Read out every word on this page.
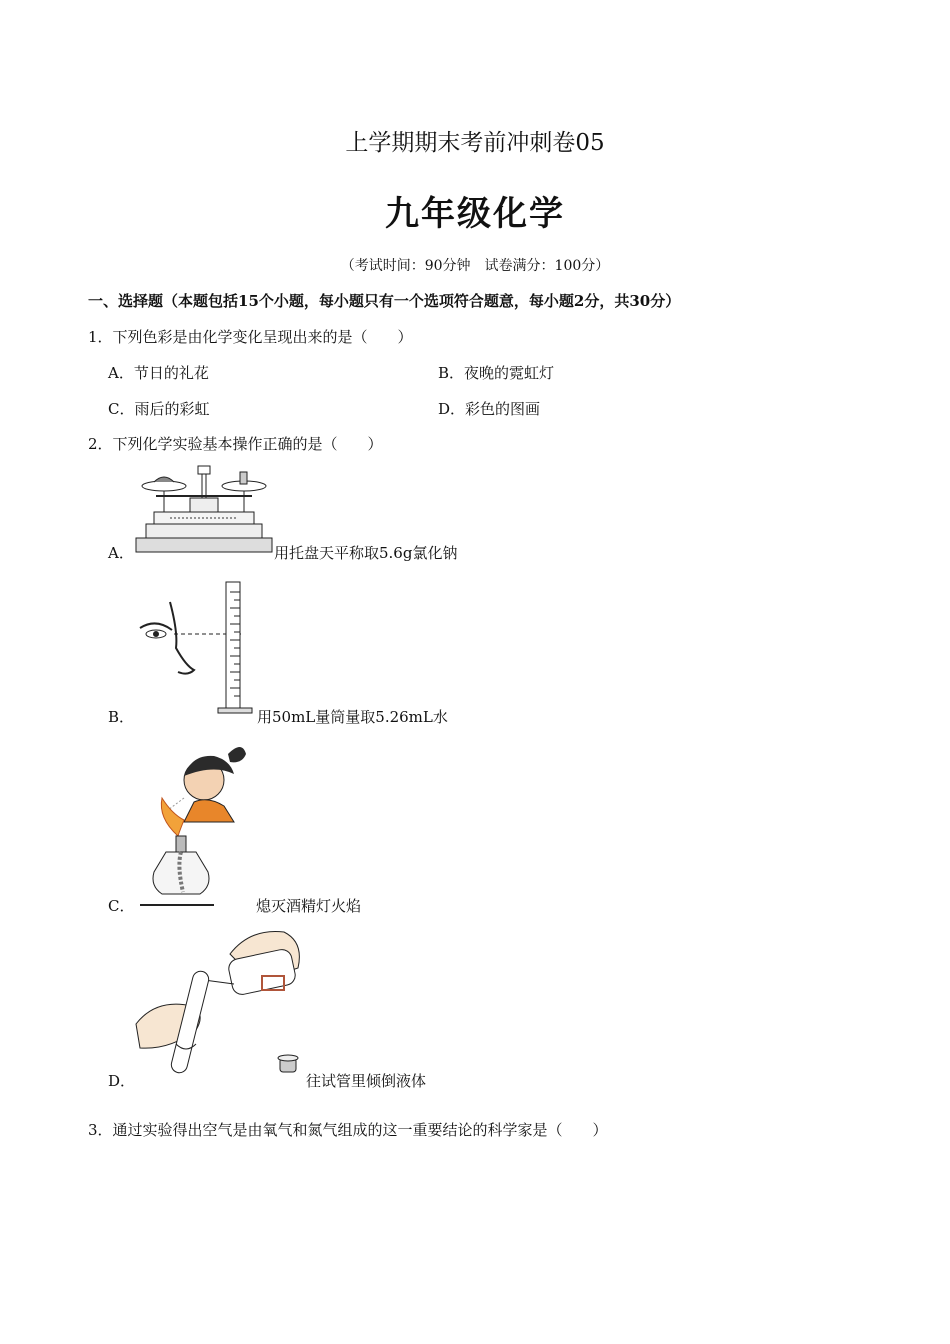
上学期期末考前冲刺卷05
九年级化学
（考试时间：90分钟　试卷满分：100分）
一、选择题（本题包括15个小题，每小题只有一个选项符合题意，每小题2分，共30分）
1．下列色彩是由化学变化呈现出来的是（　　）
A．节日的礼花	B．夜晚的霓虹灯
C．雨后的彩虹	D．彩色的图画
2．下列化学实验基本操作正确的是（　　）
A．	用托盘天平称取5.6g氯化钠
B．	用50mL量筒量取5.26mL水
C．	熄灭酒精灯火焰
D．	往试管里倾倒液体
3．通过实验得出空气是由氧气和氮气组成的这一重要结论的科学家是（　　）
